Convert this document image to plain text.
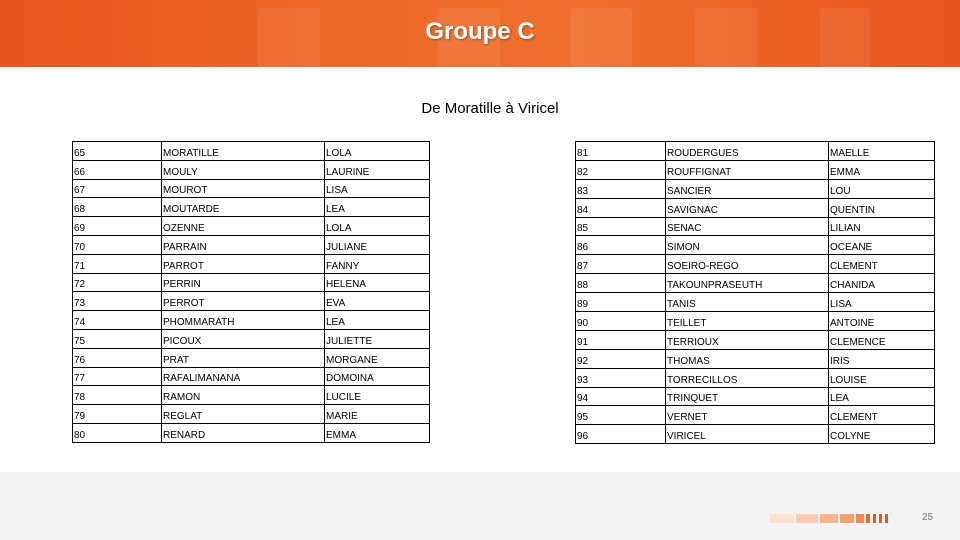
Groupe C
De Moratille à Viricel
65	MORATILLE	LOLA
66	MOULY	LAURINE
67	MOUROT	LISA
68	MOUTARDE	LEA
69	OZENNE	LOLA
70	PARRAIN	JULIANE
71	PARROT	FANNY
72	PERRIN	HELENA
73	PERROT	EVA
74	PHOMMARATH	LEA
75	PICOUX	JULIETTE
76	PRAT	MORGANE
77	RAFALIMANANA	DOMOINA
78	RAMON	LUCILE
79	REGLAT	MARIE
80	RENARD	EMMA
81	ROUDERGUES	MAELLE
82	ROUFFIGNAT	EMMA
83	SANCIER	LOU
84	SAVIGNAC	QUENTIN
85	SENAC	LILIAN
86	SIMON	OCEANE
87	SOEIRO-REGO	CLEMENT
88	TAKOUNPRASEUTH	CHANIDA
89	TANIS	LISA
90	TEILLET	ANTOINE
91	TERRIOUX	CLEMENCE
92	THOMAS	IRIS
93	TORRECILLOS	LOUISE
94	TRINQUET	LEA
95	VERNET	CLEMENT
96	VIRICEL	COLYNE
25
